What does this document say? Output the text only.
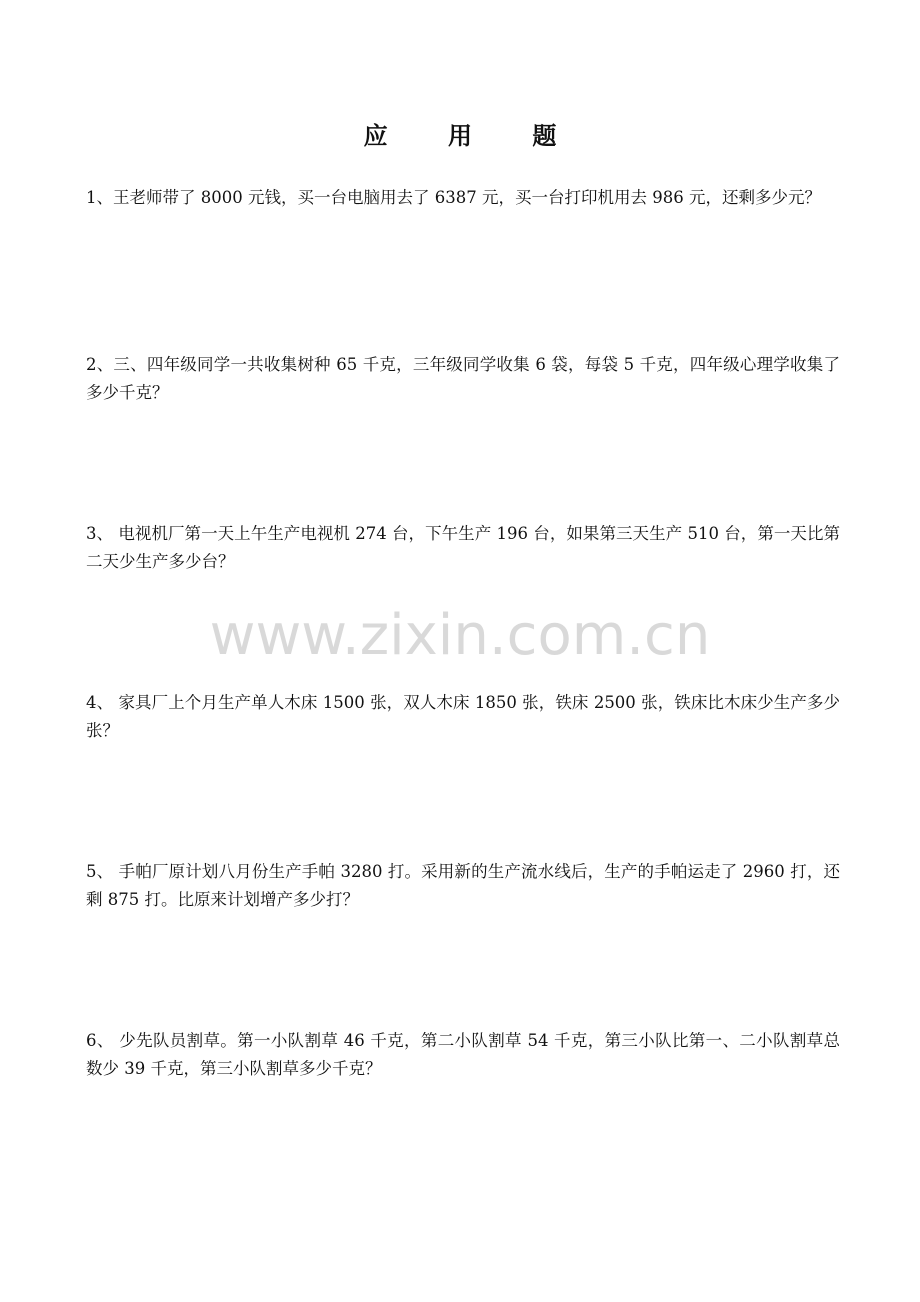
应 用 题
1、王老师带了 8000 元钱，买一台电脑用去了 6387 元，买一台打印机用去 986 元，还剩多少元？
2、三、四年级同学一共收集树种 65 千克，三年级同学收集 6 袋，每袋 5 千克，四年级心理学收集了多少千克？
3、 电视机厂第一天上午生产电视机 274 台，下午生产 196 台，如果第三天生产 510 台，第一天比第二天少生产多少台？
www.zixin.com.cn
4、 家具厂上个月生产单人木床 1500 张，双人木床 1850 张，铁床 2500 张，铁床比木床少生产多少张？
5、 手帕厂原计划八月份生产手帕 3280 打。采用新的生产流水线后，生产的手帕运走了 2960 打，还剩 875 打。比原来计划增产多少打？
6、 少先队员割草。第一小队割草 46 千克，第二小队割草 54 千克，第三小队比第一、二小队割草总数少 39 千克，第三小队割草多少千克？
